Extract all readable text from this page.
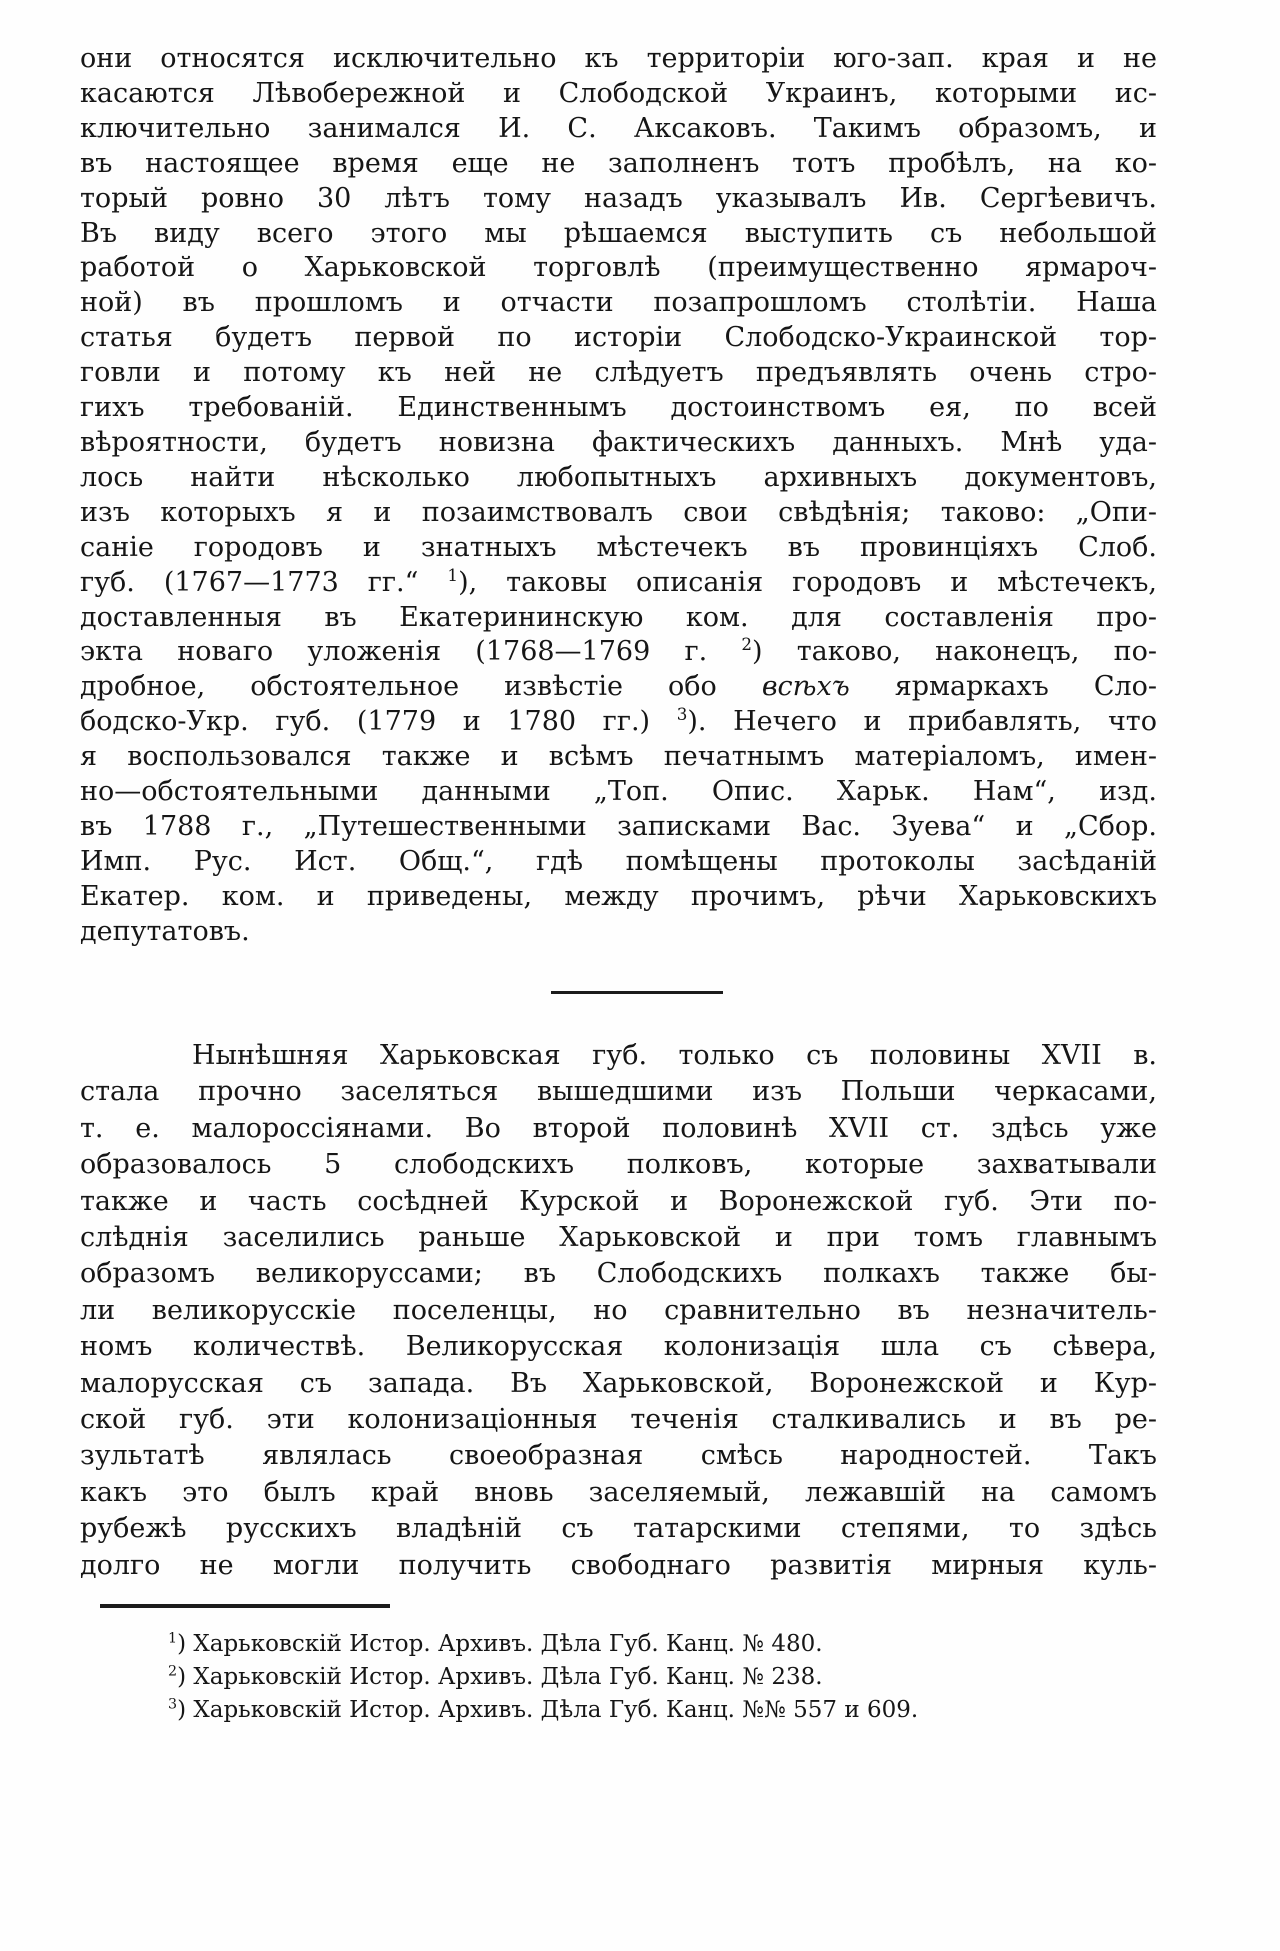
они относятся исключительно къ территоріи юго-зап. края и не
касаются Лѣвобережной и Слободской Украинъ, которыми ис-
ключительно занимался И. С. Аксаковъ. Такимъ образомъ, и
въ настоящее время еще не заполненъ тотъ пробѣлъ, на ко-
торый ровно 30 лѣтъ тому назадъ указывалъ Ив. Сергѣевичъ.
Въ виду всего этого мы рѣшаемся выступить съ небольшой
работой о Харьковской торговлѣ (преимущественно ярмароч-
ной) въ прошломъ и отчасти позапрошломъ столѣтіи. Наша
статья будетъ первой по исторіи Слободско-Украинской тор-
говли и потому къ ней не слѣдуетъ предъявлять очень стро-
гихъ требованій. Единственнымъ достоинствомъ ея, по всей
вѣроятности, будетъ новизна фактическихъ данныхъ. Мнѣ уда-
лось найти нѣсколько любопытныхъ архивныхъ документовъ,
изъ которыхъ я и позаимствовалъ свои свѣдѣнія; таково: „Опи-
саніе городовъ и знатныхъ мѣстечекъ въ провинціяхъ Слоб.
губ. (1767—1773 гг.“ $^1$), таковы описанія городовъ и мѣстечекъ,
доставленныя въ Екатерининскую ком. для составленія про-
экта новаго уложенія (1768—1769 г. $^2$) таково, наконецъ, по-
дробное, обстоятельное извѣстіе обо всѣхъ ярмаркахъ Сло-
бодско-Укр. губ. (1779 и 1780 гг.) $^3$). Нечего и прибавлять, что
я воспользовался также и всѣмъ печатнымъ матеріаломъ, имен-
но—обстоятельными данными „Топ. Опис. Харьк. Нам“, изд.
въ 1788 г., „Путешественными записками Вас. Зуева“ и „Сбор.
Имп. Рус. Ист. Общ.“, гдѣ помѣщены протоколы засѣданій
Екатер. ком. и приведены, между прочимъ, рѣчи Харьковскихъ
депутатовъ.
Нынѣшняя Харьковская губ. только съ половины XVII в.
стала прочно заселяться вышедшими изъ Польши черкасами,
т. е. малороссіянами. Во второй половинѣ XVII ст. здѣсь уже
образовалось 5 слободскихъ полковъ, которые захватывали
также и часть сосѣдней Курской и Воронежской губ. Эти по-
слѣднія заселились раньше Харьковской и при томъ главнымъ
образомъ великоруссами; въ Слободскихъ полкахъ также бы-
ли великорусскіе поселенцы, но сравнительно въ незначитель-
номъ количествѣ. Великорусская колонизація шла съ сѣвера,
малорусская съ запада. Въ Харьковской, Воронежской и Кур-
ской губ. эти колонизаціонныя теченія сталкивались и въ ре-
зультатѣ являлась своеобразная смѣсь народностей. Такъ
какъ это былъ край вновь заселяемый, лежавшій на самомъ
рубежѣ русскихъ владѣній съ татарскими степями, то здѣсь
долго не могли получить свободнаго развитія мирныя куль-
$^1$) Харьковскій Истор. Архивъ. Дѣла Губ. Канц. № 480.
$^2$) Харьковскій Истор. Архивъ. Дѣла Губ. Канц. № 238.
$^3$) Харьковскій Истор. Архивъ. Дѣла Губ. Канц. №№ 557 и 609.
